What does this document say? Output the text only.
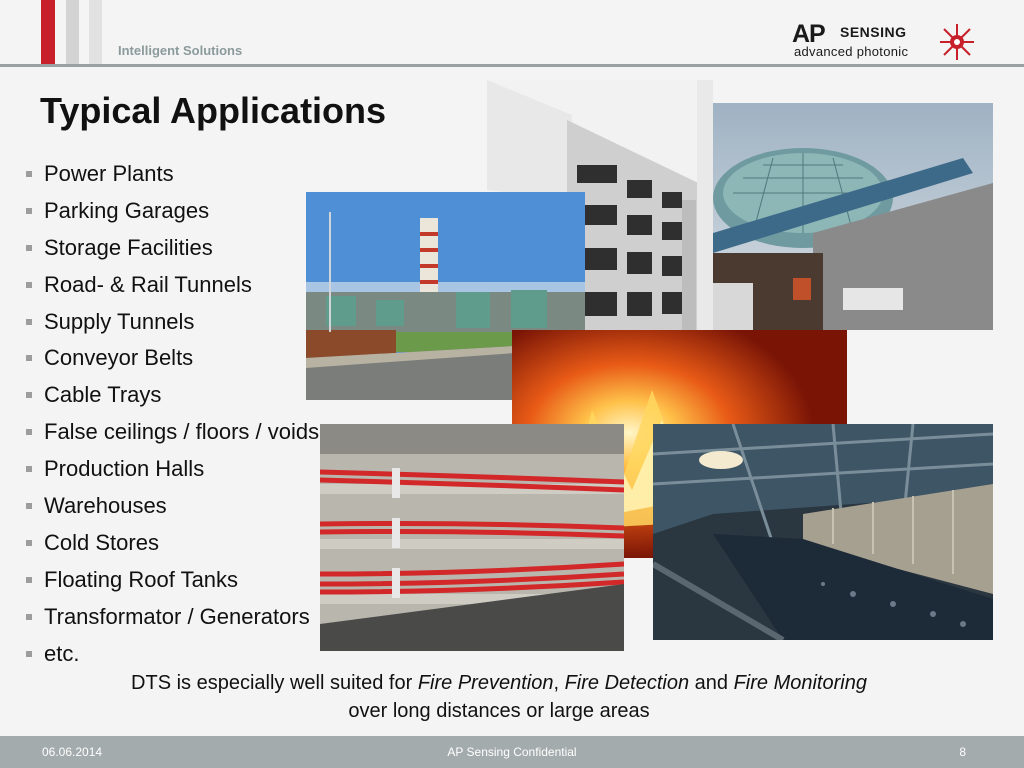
Intelligent Solutions
AP SENSING
advanced photonic
Typical Applications
Power Plants
Parking Garages
Storage Facilities
Road- & Rail Tunnels
Supply Tunnels
Conveyor Belts
Cable Trays
False ceilings / floors / voids
Production Halls
Warehouses
Cold Stores
Floating Roof Tanks
Transformator / Generators
etc.
DTS is especially well suited for Fire Prevention, Fire Detection and Fire Monitoring
over long distances or large areas
06.06.2014	AP Sensing Confidential	8
